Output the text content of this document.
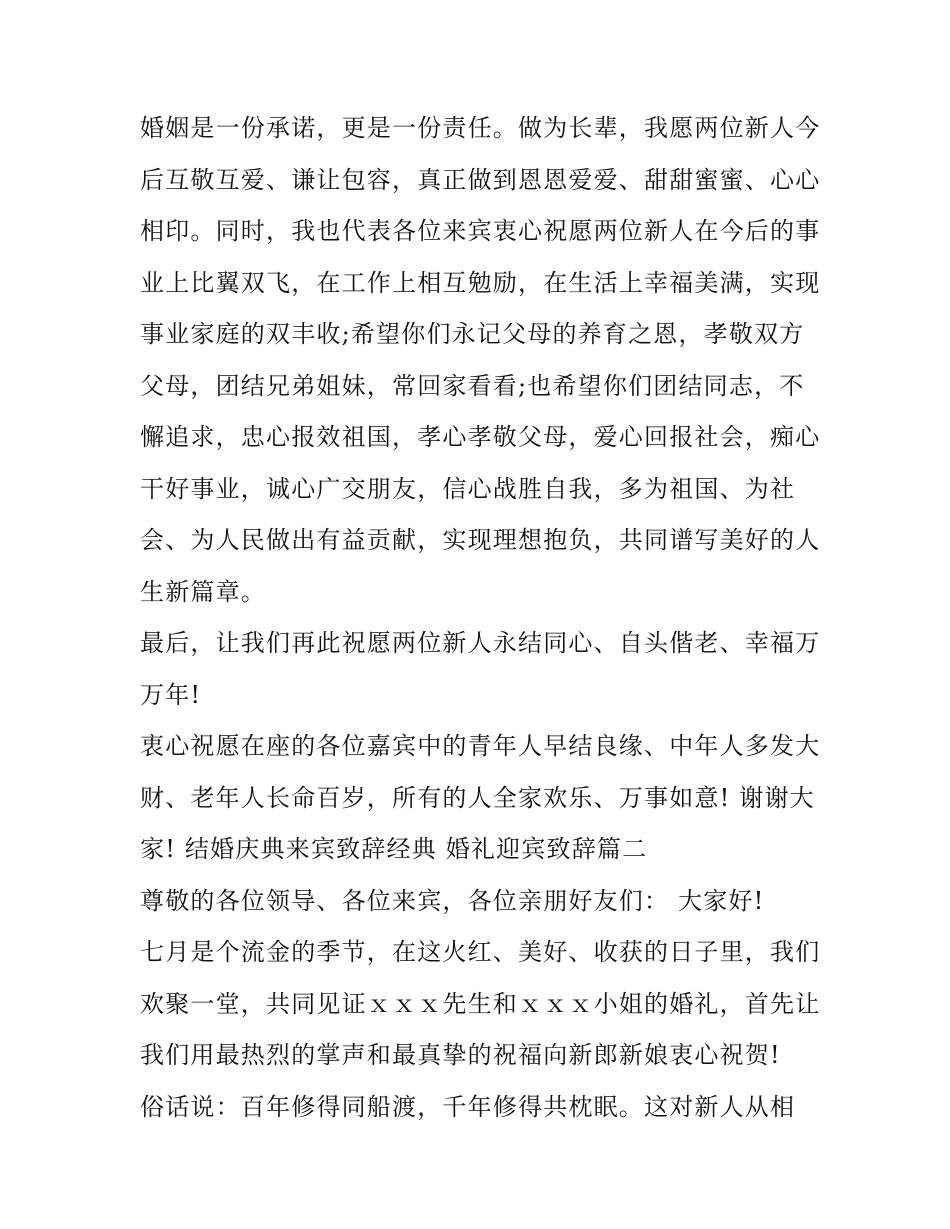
婚姻是一份承诺，更是一份责任。做为长辈，我愿两位新人今
后互敬互爱、谦让包容，真正做到恩恩爱爱、甜甜蜜蜜、心心
相印。同时，我也代表各位来宾衷心祝愿两位新人在今后的事
业上比翼双飞，在工作上相互勉励，在生活上幸福美满，实现
事业家庭的双丰收;希望你们永记父母的养育之恩，孝敬双方
父母，团结兄弟姐妹，常回家看看;也希望你们团结同志，不
懈追求，忠心报效祖国，孝心孝敬父母，爱心回报社会，痴心
干好事业，诚心广交朋友，信心战胜自我，多为祖国、为社
会、为人民做出有益贡献，实现理想抱负，共同谱写美好的人
生新篇章。
最后，让我们再此祝愿两位新人永结同心、自头偕老、幸福万
万年!
衷心祝愿在座的各位嘉宾中的青年人早结良缘、中年人多发大
财、老年人长命百岁，所有的人全家欢乐、万事如意! 谢谢大
家! 结婚庆典来宾致辞经典 婚礼迎宾致辞篇二
尊敬的各位领导、各位来宾，各位亲朋好友们： 大家好!
七月是个流金的季节，在这火红、美好、收获的日子里，我们
欢聚一堂，共同见证ｘｘｘ先生和ｘｘｘ小姐的婚礼，首先让
我们用最热烈的掌声和最真挚的祝福向新郎新娘衷心祝贺!
俗话说：百年修得同船渡，千年修得共枕眠。这对新人从相
